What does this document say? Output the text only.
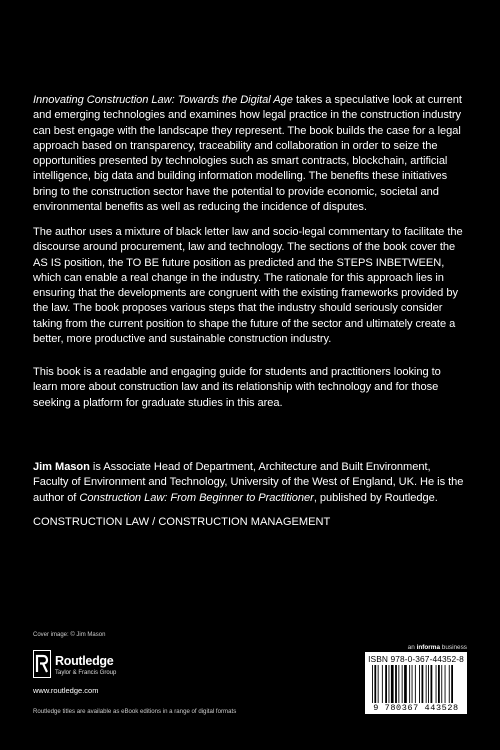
Innovating Construction Law: Towards the Digital Age takes a speculative look at current and emerging technologies and examines how legal practice in the construction industry can best engage with the landscape they represent. The book builds the case for a legal approach based on transparency, traceability and collaboration in order to seize the opportunities presented by technologies such as smart contracts, blockchain, artificial intelligence, big data and building information modelling. The benefits these initiatives bring to the construction sector have the potential to provide economic, societal and environmental benefits as well as reducing the incidence of disputes.

The author uses a mixture of black letter law and socio-legal commentary to facilitate the discourse around procurement, law and technology. The sections of the book cover the AS IS position, the TO BE future position as predicted and the STEPS INBETWEEN, which can enable a real change in the industry. The rationale for this approach lies in ensuring that the developments are congruent with the existing frameworks provided by the law. The book proposes various steps that the industry should seriously consider taking from the current position to shape the future of the sector and ultimately create a better, more productive and sustainable construction industry.

This book is a readable and engaging guide for students and practitioners looking to learn more about construction law and its relationship with technology and for those seeking a platform for graduate studies in this area.

Jim Mason is Associate Head of Department, Architecture and Built Environment, Faculty of Environment and Technology, University of the West of England, UK. He is the author of Construction Law: From Beginner to Practitioner, published by Routledge.

CONSTRUCTION LAW / CONSTRUCTION MANAGEMENT
Cover image: © Jim Mason
Routledge
Taylor & Francis Group
www.routledge.com
Routledge titles are available as eBook editions in a range of digital formats
an informa business
ISBN 978-0-367-44352-8
9 780367 443528
